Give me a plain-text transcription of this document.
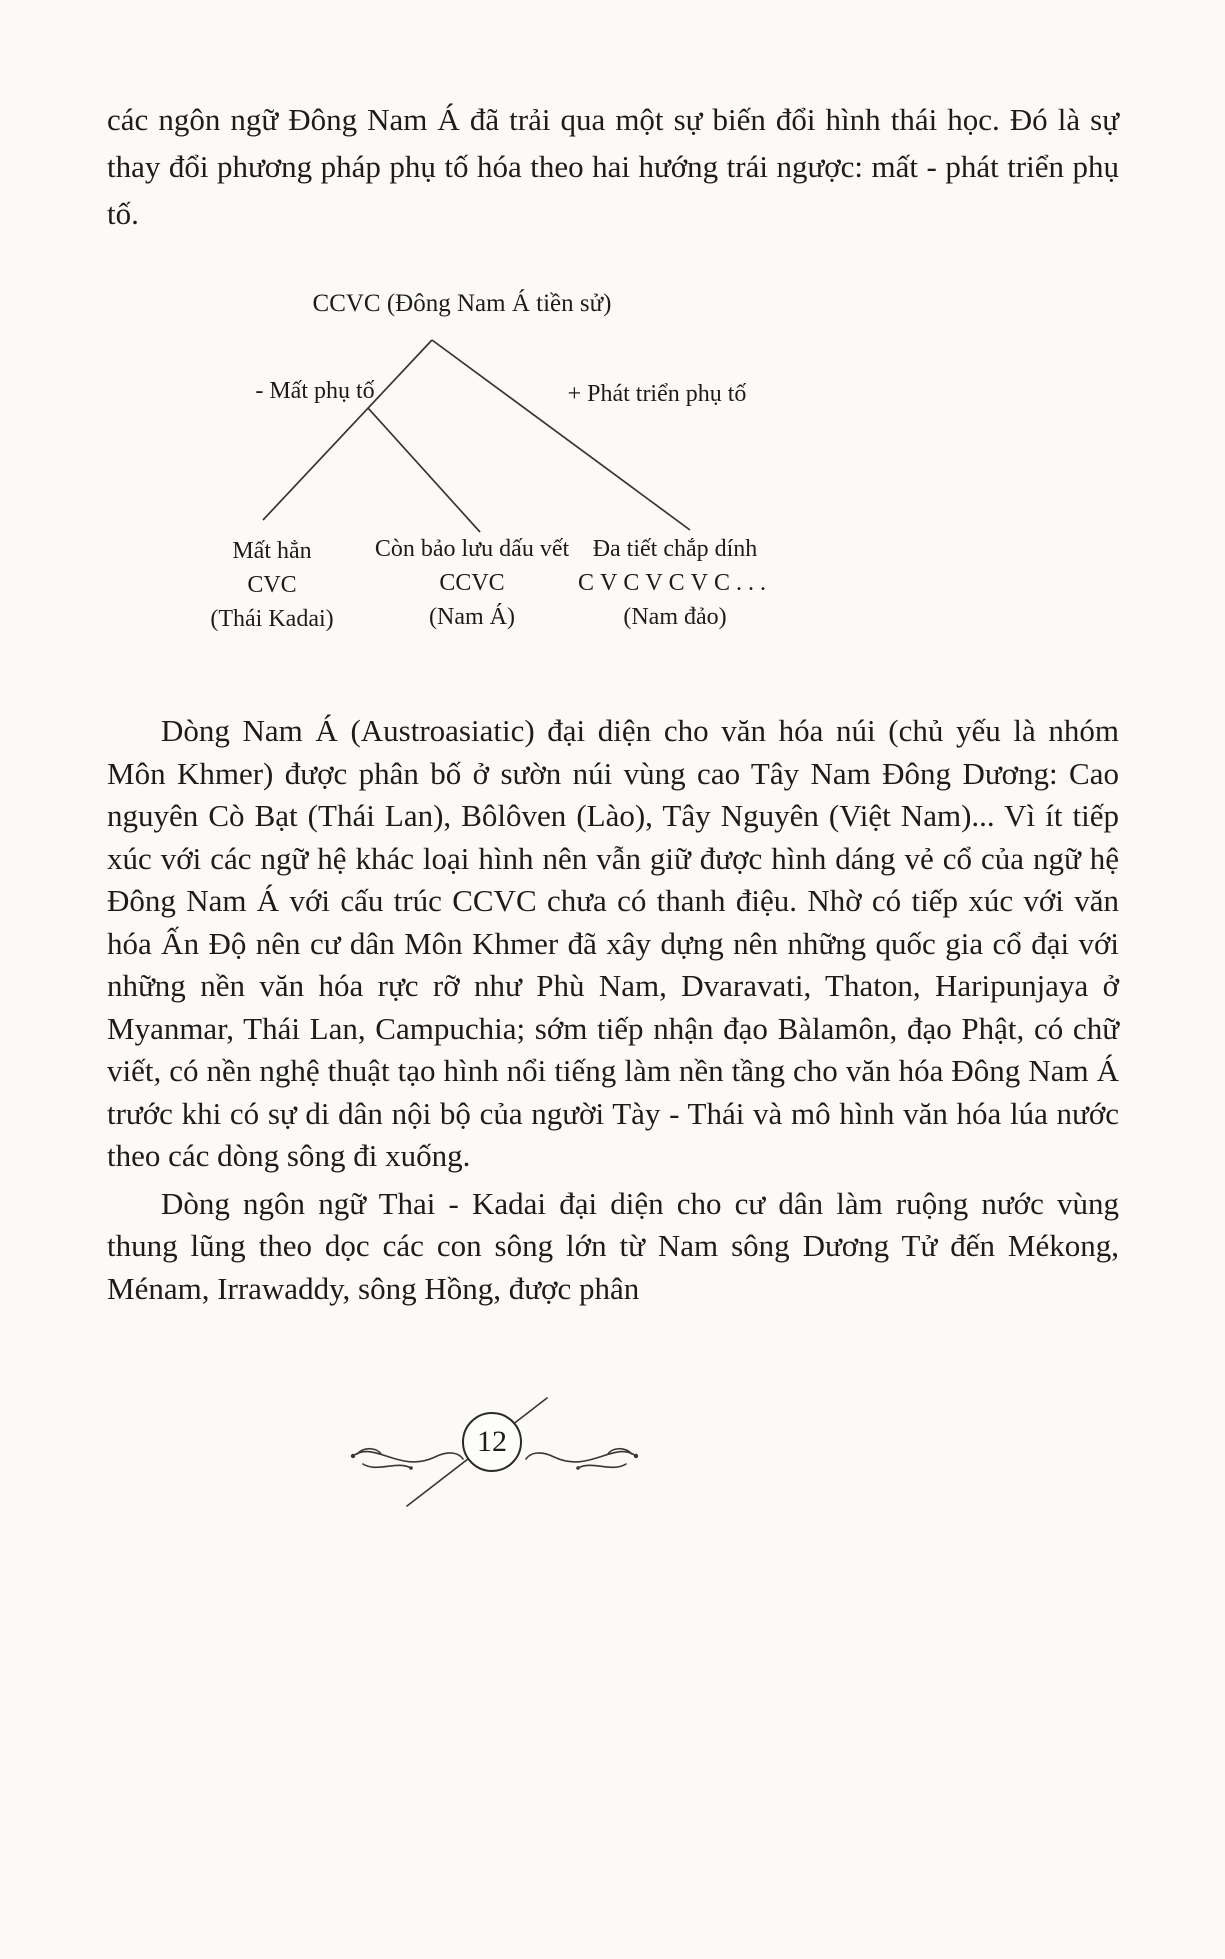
các ngôn ngữ Đông Nam Á đã trải qua một sự biến đổi hình thái học. Đó là sự thay đổi phương pháp phụ tố hóa theo hai hướng trái ngược: mất - phát triển phụ tố.

CCVC (Đông Nam Á tiền sử)
- Mất phụ tố	+ Phát triển phụ tố
Mất hẳn
CVC
(Thái Kadai)
Còn bảo lưu dấu vết
CCVC
(Nam Á)
Đa tiết chắp dính
CVCVCVC...
(Nam đảo)

Dòng Nam Á (Austroasiatic) đại diện cho văn hóa núi (chủ yếu là nhóm Môn Khmer) được phân bố ở sườn núi vùng cao Tây Nam Đông Dương: Cao nguyên Cò Bạt (Thái Lan), Bôlôven (Lào), Tây Nguyên (Việt Nam)... Vì ít tiếp xúc với các ngữ hệ khác loại hình nên vẫn giữ được hình dáng vẻ cổ của ngữ hệ Đông Nam Á với cấu trúc CCVC chưa có thanh điệu. Nhờ có tiếp xúc với văn hóa Ấn Độ nên cư dân Môn Khmer đã xây dựng nên những quốc gia cổ đại với những nền văn hóa rực rỡ như Phù Nam, Dvaravati, Thaton, Haripunjaya ở Myanmar, Thái Lan, Campuchia; sớm tiếp nhận đạo Bàlamôn, đạo Phật, có chữ viết, có nền nghệ thuật tạo hình nổi tiếng làm nền tầng cho văn hóa Đông Nam Á trước khi có sự di dân nội bộ của người Tày - Thái và mô hình văn hóa lúa nước theo các dòng sông đi xuống.

Dòng ngôn ngữ Thai - Kadai đại diện cho cư dân làm ruộng nước vùng thung lũng theo dọc các con sông lớn từ Nam sông Dương Tử đến Mékong, Ménam, Irrawaddy, sông Hồng, được phân

12
